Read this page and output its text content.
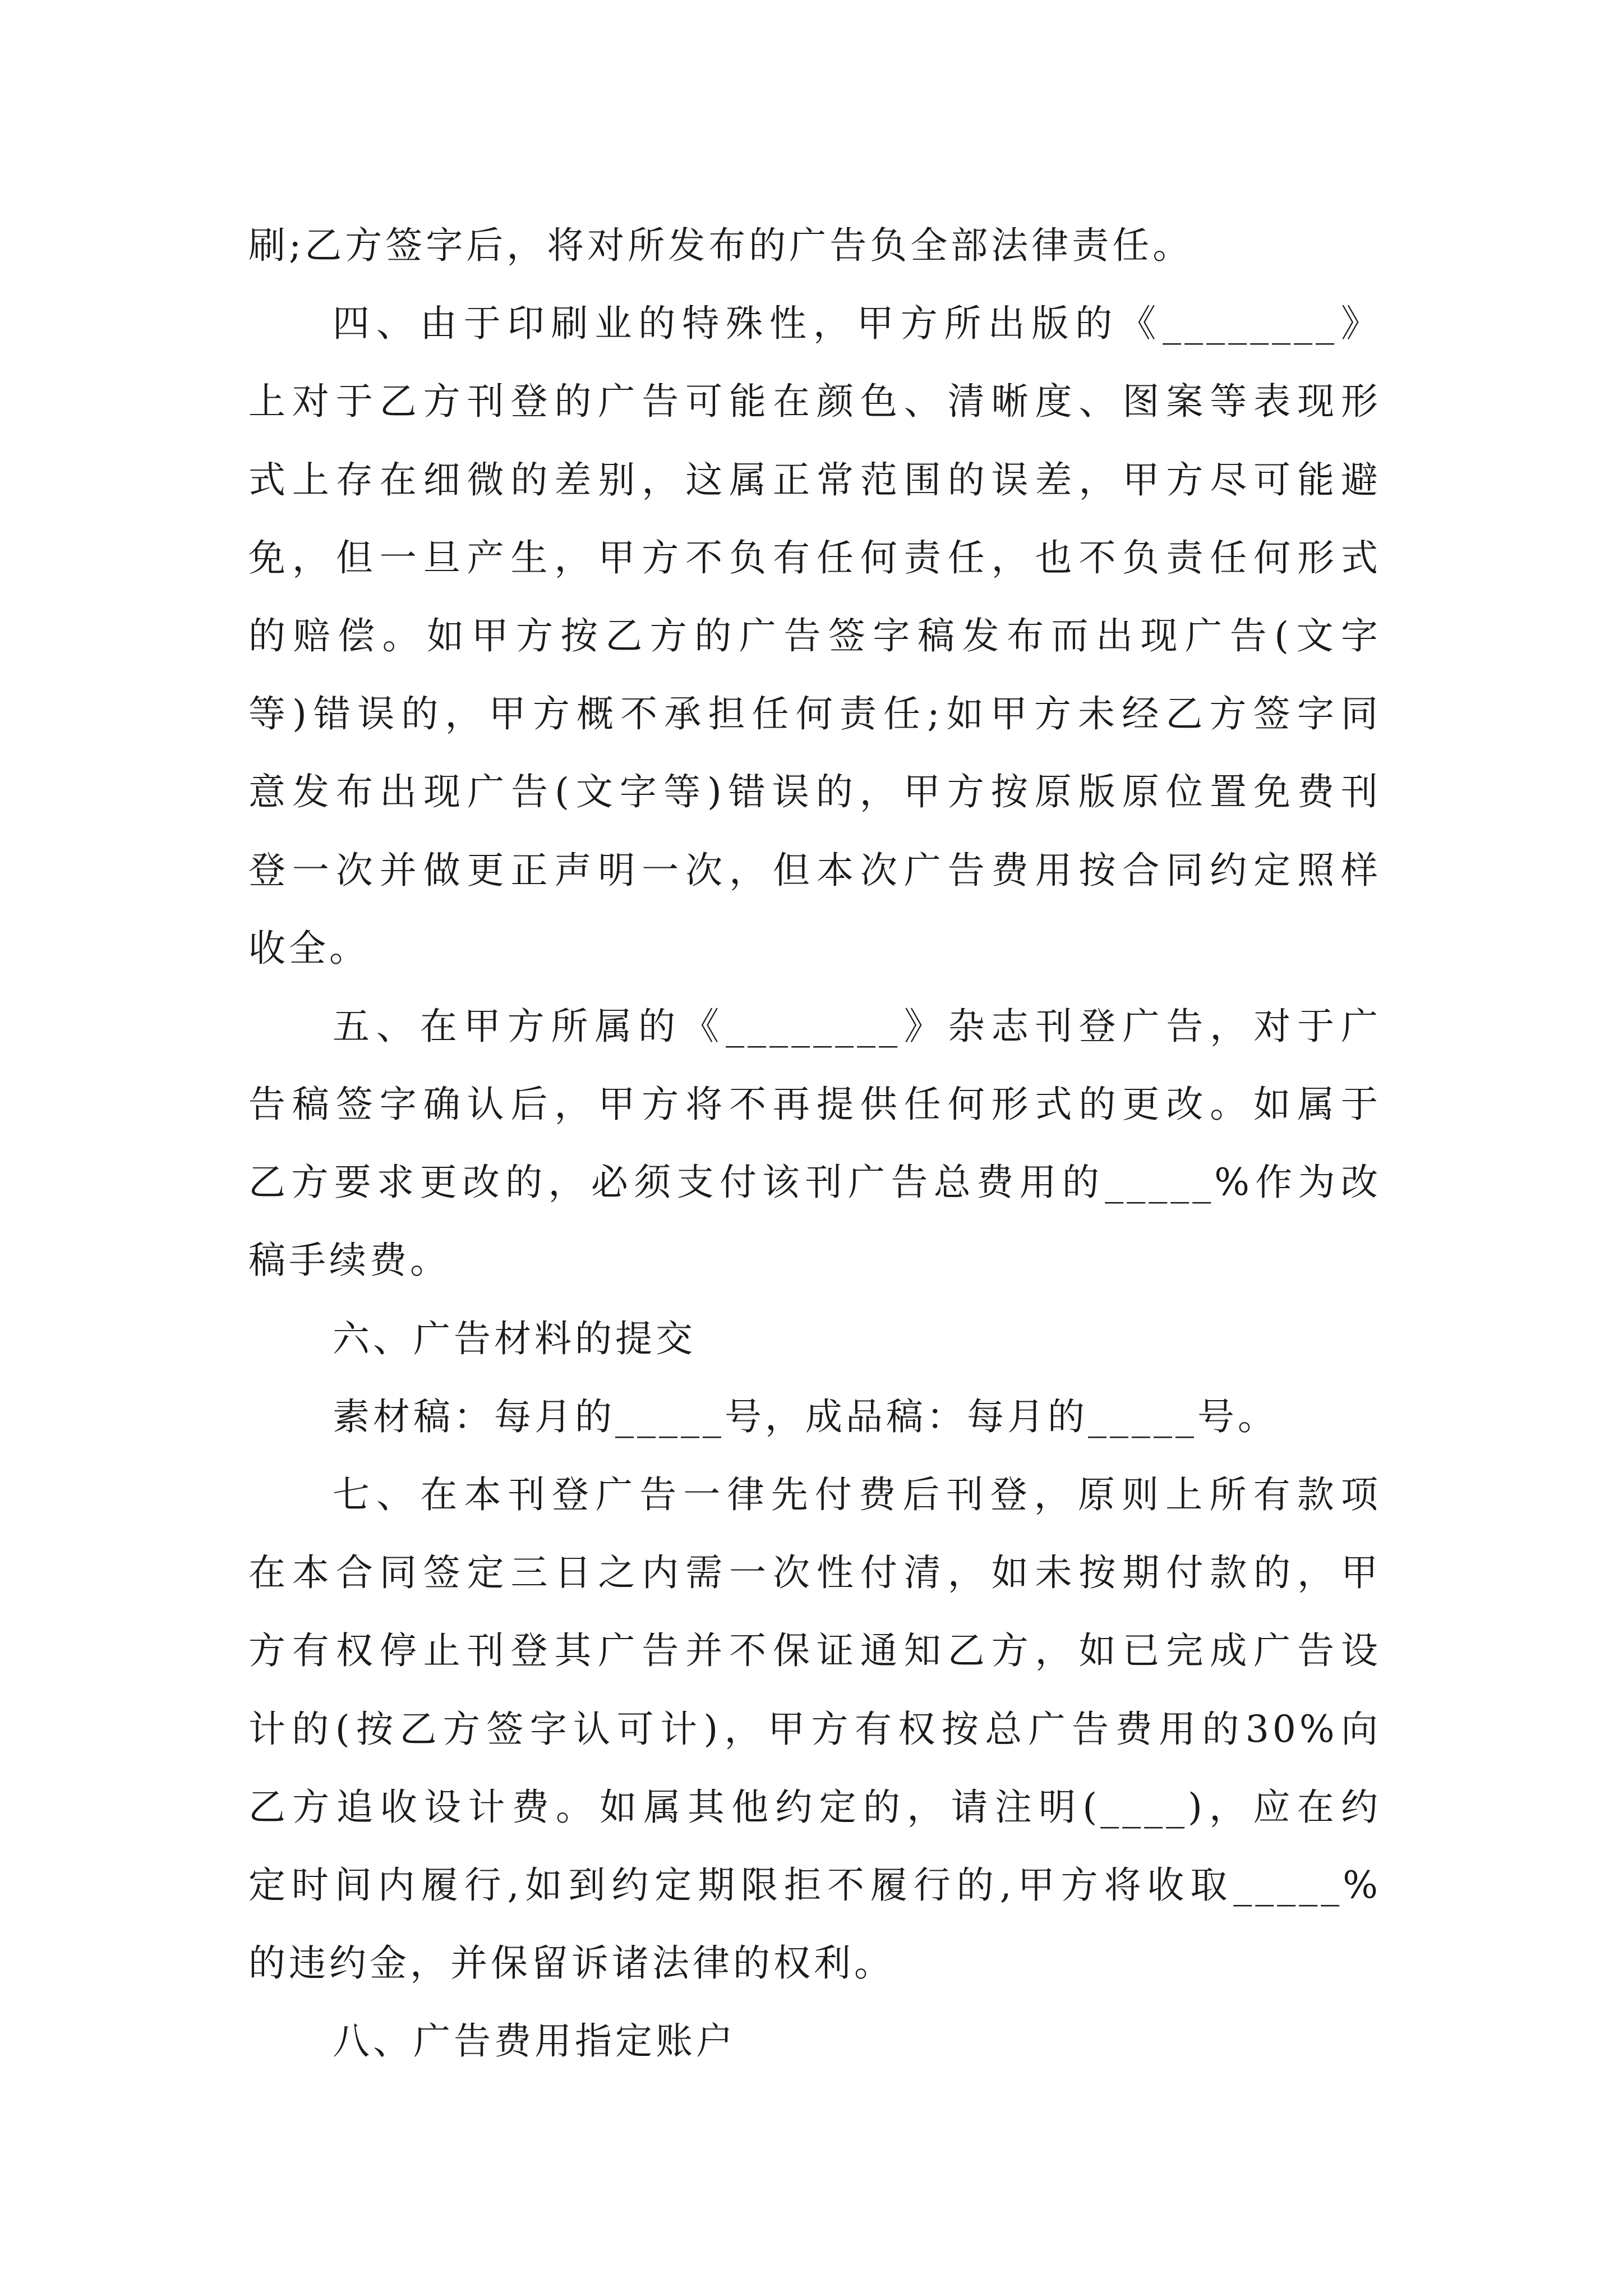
刷;乙方签字后，将对所发布的广告负全部法律责任。
四、由于印刷业的特殊性，甲方所出版的《________》
上对于乙方刊登的广告可能在颜色、清晰度、图案等表现形
式上存在细微的差别，这属正常范围的误差，甲方尽可能避
免，但一旦产生，甲方不负有任何责任，也不负责任何形式
的赔偿。如甲方按乙方的广告签字稿发布而出现广告(文字
等)错误的，甲方概不承担任何责任;如甲方未经乙方签字同
意发布出现广告(文字等)错误的，甲方按原版原位置免费刊
登一次并做更正声明一次，但本次广告费用按合同约定照样
收全。
五、在甲方所属的《________》杂志刊登广告，对于广
告稿签字确认后，甲方将不再提供任何形式的更改。如属于
乙方要求更改的，必须支付该刊广告总费用的_____%作为改
稿手续费。
六、广告材料的提交
素材稿：每月的_____号，成品稿：每月的_____号。
七、在本刊登广告一律先付费后刊登，原则上所有款项
在本合同签定三日之内需一次性付清，如未按期付款的，甲
方有权停止刊登其广告并不保证通知乙方，如已完成广告设
计的(按乙方签字认可计)，甲方有权按总广告费用的30%向
乙方追收设计费。如属其他约定的，请注明(____)，应在约
定时间内履行,如到约定期限拒不履行的,甲方将收取_____%
的违约金，并保留诉诸法律的权利。
八、广告费用指定账户
